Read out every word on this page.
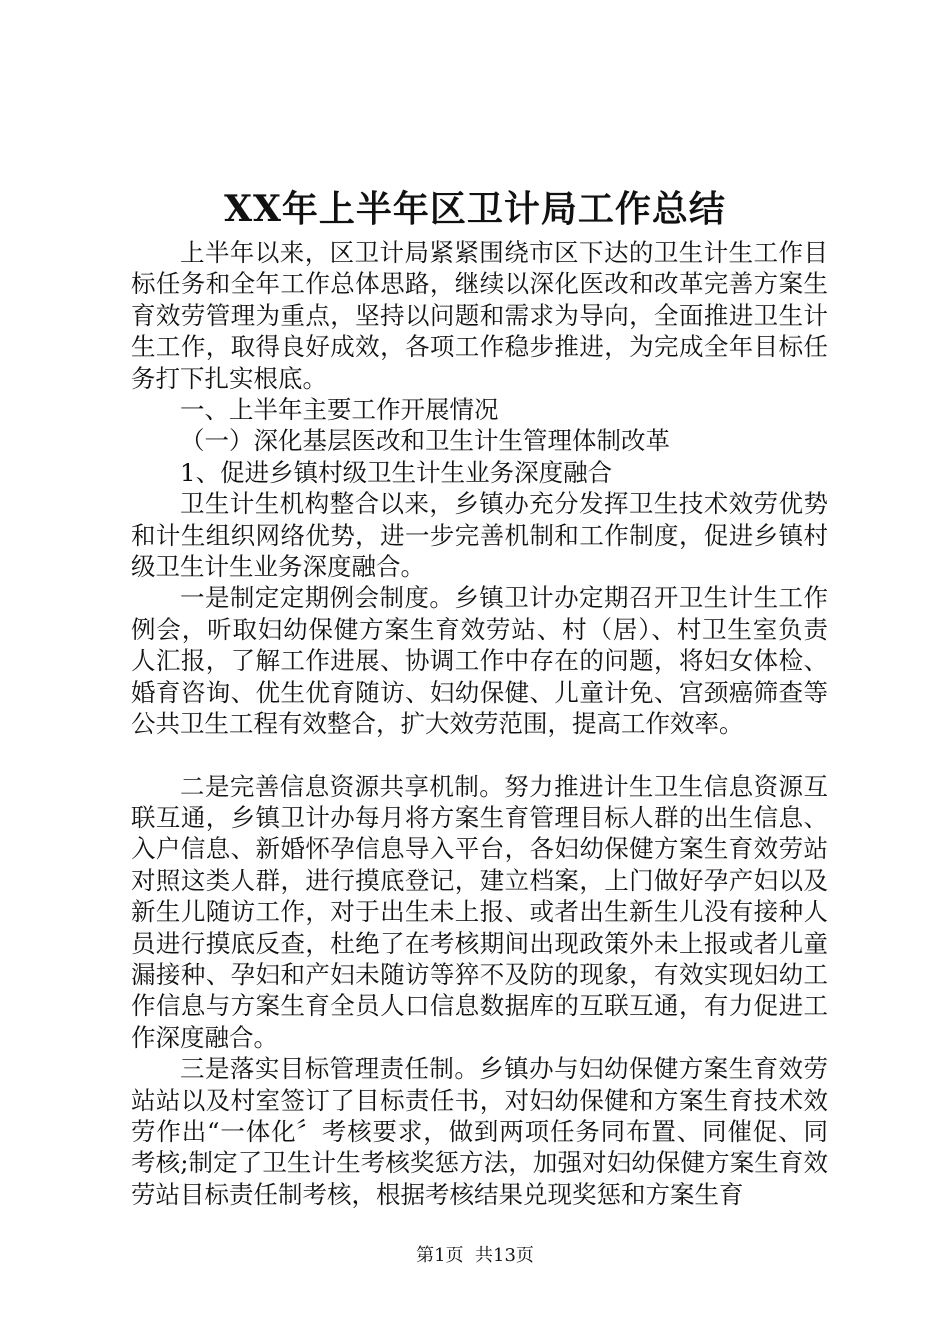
XX年上半年区卫计局工作总结

上半年以来，区卫计局紧紧围绕市区下达的卫生计生工作目标任务和全年工作总体思路，继续以深化医改和改革完善方案生育效劳管理为重点，坚持以问题和需求为导向，全面推进卫生计生工作，取得良好成效，各项工作稳步推进，为完成全年目标任务打下扎实根底。

一、上半年主要工作开展情况

（一）深化基层医改和卫生计生管理体制改革

1、促进乡镇村级卫生计生业务深度融合

卫生计生机构整合以来，乡镇办充分发挥卫生技术效劳优势和计生组织网络优势，进一步完善机制和工作制度，促进乡镇村级卫生计生业务深度融合。

一是制定定期例会制度。乡镇卫计办定期召开卫生计生工作例会，听取妇幼保健方案生育效劳站、村（居）、村卫生室负责人汇报，了解工作进展、协调工作中存在的问题，将妇女体检、婚育咨询、优生优育随访、妇幼保健、儿童计免、宫颈癌筛查等公共卫生工程有效整合，扩大效劳范围，提高工作效率。

二是完善信息资源共享机制。努力推进计生卫生信息资源互联互通，乡镇卫计办每月将方案生育管理目标人群的出生信息、入户信息、新婚怀孕信息导入平台，各妇幼保健方案生育效劳站对照这类人群，进行摸底登记，建立档案，上门做好孕产妇以及新生儿随访工作，对于出生未上报、或者出生新生儿没有接种人员进行摸底反查，杜绝了在考核期间出现政策外未上报或者儿童漏接种、孕妇和产妇未随访等猝不及防的现象，有效实现妇幼工作信息与方案生育全员人口信息数据库的互联互通，有力促进工作深度融合。

三是落实目标管理责任制。乡镇办与妇幼保健方案生育效劳站站以及村室签订了目标责任书，对妇幼保健和方案生育技术效劳作出“一体化〞考核要求，做到两项任务同布置、同催促、同考核;制定了卫生计生考核奖惩方法，加强对妇幼保健方案生育效劳站目标责任制考核，根据考核结果兑现奖惩和方案生育

第1页 共13页
